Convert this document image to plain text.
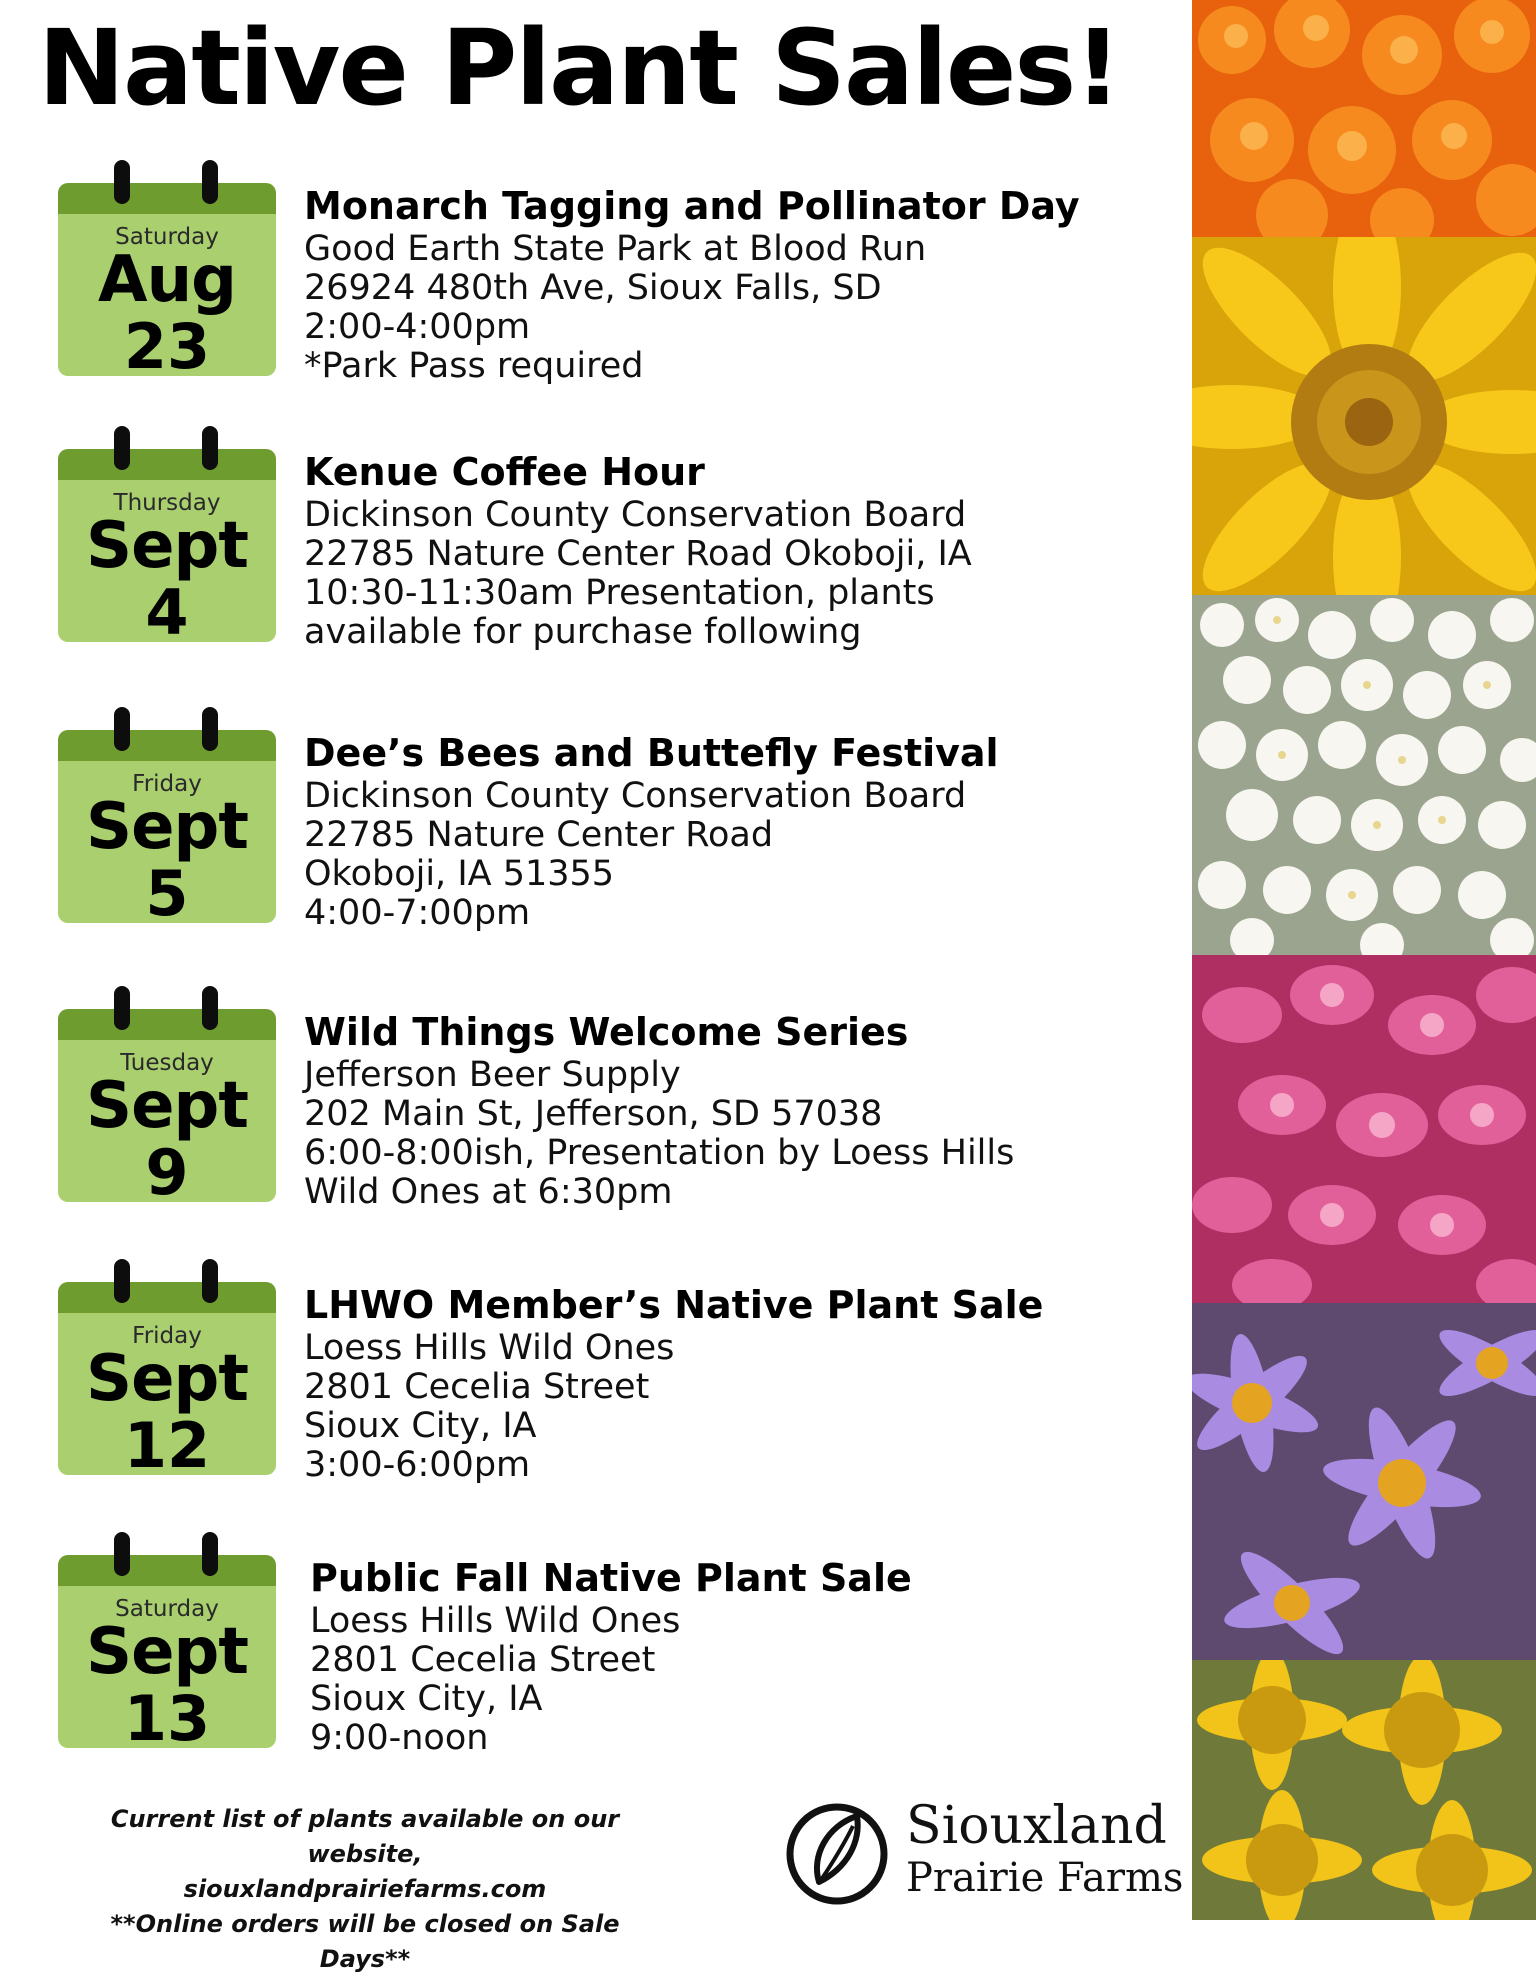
Native Plant Sales!
Saturday
Aug
23
Monarch Tagging and Pollinator Day
Good Earth State Park at Blood Run
26924 480th Ave, Sioux Falls, SD
2:00-4:00pm
*Park Pass required
Thursday
Sept
4
Kenue Coffee Hour
Dickinson County Conservation Board
22785 Nature Center Road Okoboji, IA
10:30-11:30am Presentation, plants
available for purchase following
Friday
Sept
5
Dee’s Bees and Buttefly Festival
Dickinson County Conservation Board
22785 Nature Center Road
Okoboji, IA 51355
4:00-7:00pm
Tuesday
Sept
9
Wild Things Welcome Series
Jefferson Beer Supply
202 Main St, Jefferson, SD 57038
6:00-8:00ish, Presentation by Loess Hills
Wild Ones at 6:30pm
Friday
Sept
12
LHWO Member’s Native Plant Sale
Loess Hills Wild Ones
2801 Cecelia Street
Sioux City, IA
3:00-6:00pm
Saturday
Sept
13
Public Fall Native Plant Sale
Loess Hills Wild Ones
2801 Cecelia Street
Sioux City, IA
9:00-noon
Current list of plants available on our website,
siouxlandprairiefarms.com
**Online orders will be closed on Sale Days**
Siouxland
Prairie Farms
